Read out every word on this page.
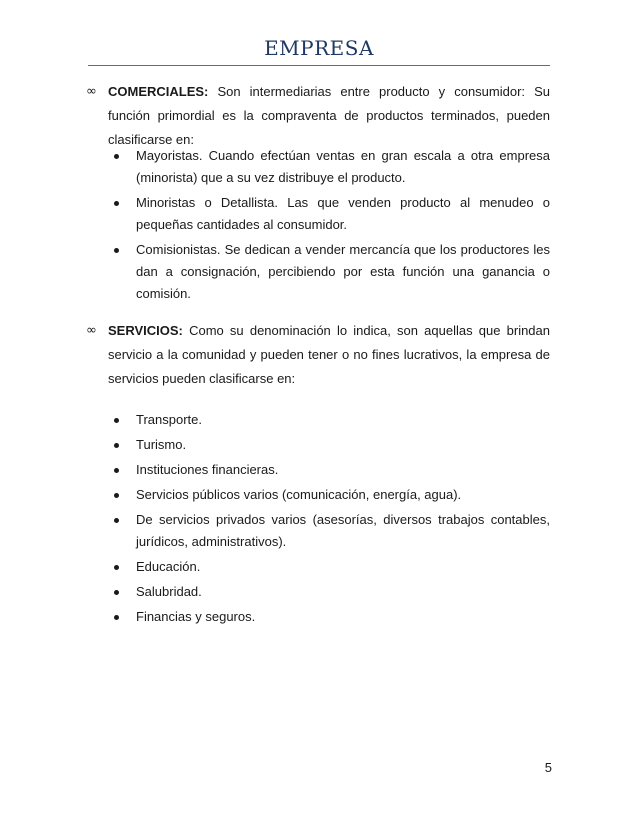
EMPRESA
∞ COMERCIALES: Son intermediarias entre producto y consumidor: Su función primordial es la compraventa de productos terminados, pueden clasificarse en:
Mayoristas. Cuando efectúan ventas en gran escala a otra empresa (minorista) que a su vez distribuye el producto.
Minoristas o Detallista. Las que venden producto al menudeo o pequeñas cantidades al consumidor.
Comisionistas. Se dedican a vender mercancía que los productores les dan a consignación, percibiendo por esta función una ganancia o comisión.
∞ SERVICIOS: Como su denominación lo indica, son aquellas que brindan servicio a la comunidad y pueden tener o no fines lucrativos, la empresa de servicios pueden clasificarse en:
Transporte.
Turismo.
Instituciones financieras.
Servicios públicos varios (comunicación, energía, agua).
De servicios privados varios (asesorías, diversos trabajos contables, jurídicos, administrativos).
Educación.
Salubridad.
Financias y seguros.
5
